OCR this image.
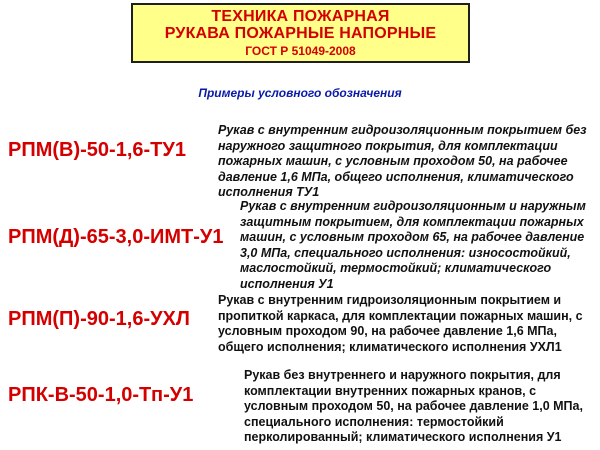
ТЕХНИКА ПОЖАРНАЯ
РУКАВА ПОЖАРНЫЕ НАПОРНЫЕ
ГОСТ Р 51049-2008
Примеры условного обозначения
РПМ(В)-50-1,6-ТУ1
Рукав с внутренним гидроизоляционным покрытием без наружного защитного покрытия, для комплектации пожарных машин, с условным проходом 50, на рабочее давление 1,6 МПа, общего исполнения, климатического исполнения ТУ1
РПМ(Д)-65-3,0-ИМТ-У1
Рукав с внутренним гидроизоляционным и наружным защитным покрытием, для комплектации пожарных машин, с условным проходом 65, на рабочее давление 3,0 МПа, специального исполнения: износостойкий, маслостойкий, термостойкий; климатического исполнения У1
РПМ(П)-90-1,6-УХЛ
Рукав с внутренним гидроизоляционным покрытием и пропиткой каркаса, для комплектации пожарных машин, с условным проходом 90, на рабочее давление 1,6 МПа, общего исполнения; климатического исполнения УХЛ1
РПК-В-50-1,0-Тп-У1
Рукав без внутреннего и наружного покрытия, для комплектации внутренних пожарных кранов, с условным проходом 50, на рабочее давление 1,0 МПа, специального исполнения: термостойкий перколированный; климатического исполнения У1
